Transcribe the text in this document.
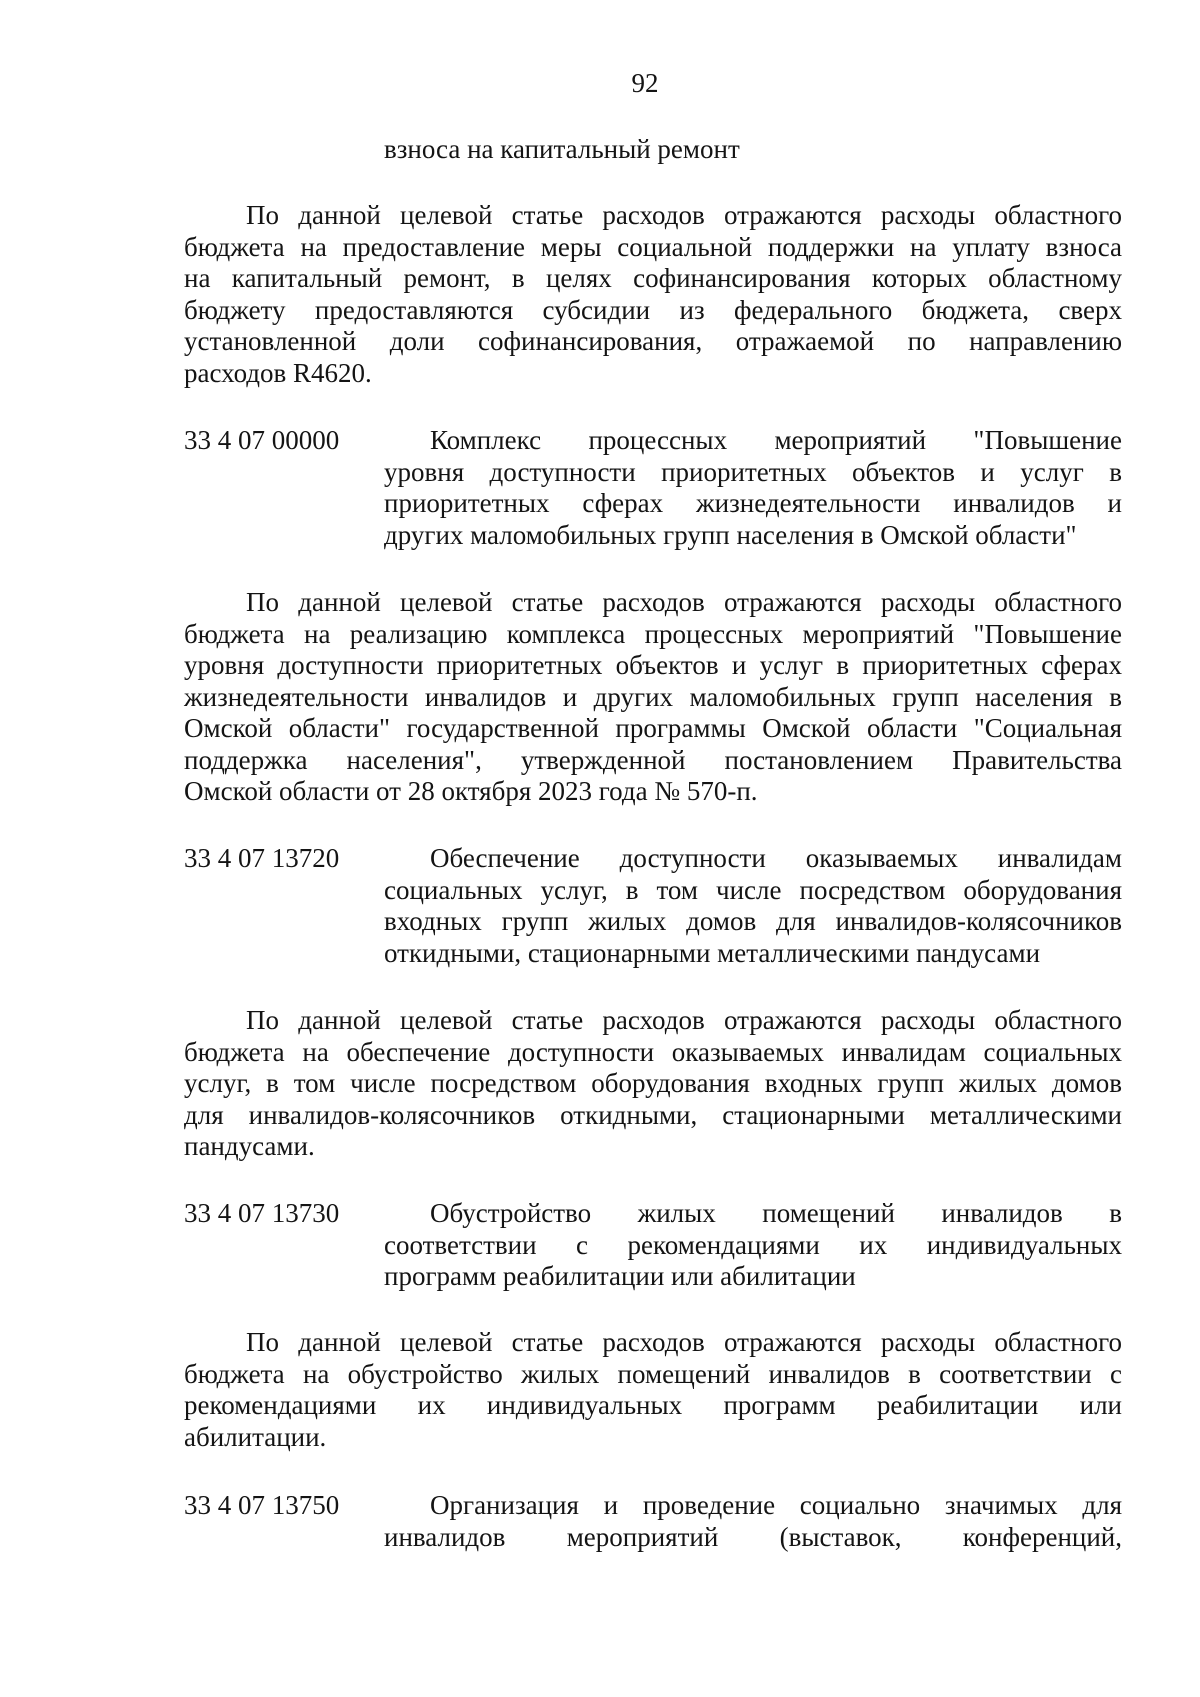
92
взноса на капитальный ремонт
По данной целевой статье расходов отражаются расходы областного
бюджета на предоставление меры социальной поддержки на уплату взноса
на капитальный ремонт, в целях софинансирования которых областному
бюджету предоставляются субсидии из федерального бюджета, сверх
установленной доли софинансирования, отражаемой по направлению
расходов R4620.
33 4 07 00000	Комплекс процессных мероприятий "Повышение
уровня доступности приоритетных объектов и услуг в
приоритетных сферах жизнедеятельности инвалидов и
других маломобильных групп населения в Омской области"
По данной целевой статье расходов отражаются расходы областного
бюджета на реализацию комплекса процессных мероприятий "Повышение
уровня доступности приоритетных объектов и услуг в приоритетных сферах
жизнедеятельности инвалидов и других маломобильных групп населения в
Омской области" государственной программы Омской области "Социальная
поддержка населения", утвержденной постановлением Правительства
Омской области от 28 октября 2023 года № 570-п.
33 4 07 13720	Обеспечение доступности оказываемых инвалидам
социальных услуг, в том числе посредством оборудования
входных групп жилых домов для инвалидов-колясочников
откидными, стационарными металлическими пандусами
По данной целевой статье расходов отражаются расходы областного
бюджета на обеспечение доступности оказываемых инвалидам социальных
услуг, в том числе посредством оборудования входных групп жилых домов
для инвалидов-колясочников откидными, стационарными металлическими
пандусами.
33 4 07 13730	Обустройство жилых помещений инвалидов в
соответствии с рекомендациями их индивидуальных
программ реабилитации или абилитации
По данной целевой статье расходов отражаются расходы областного
бюджета на обустройство жилых помещений инвалидов в соответствии с
рекомендациями их индивидуальных программ реабилитации или
абилитации.
33 4 07 13750	Организация и проведение социально значимых для
инвалидов мероприятий (выставок, конференций,
